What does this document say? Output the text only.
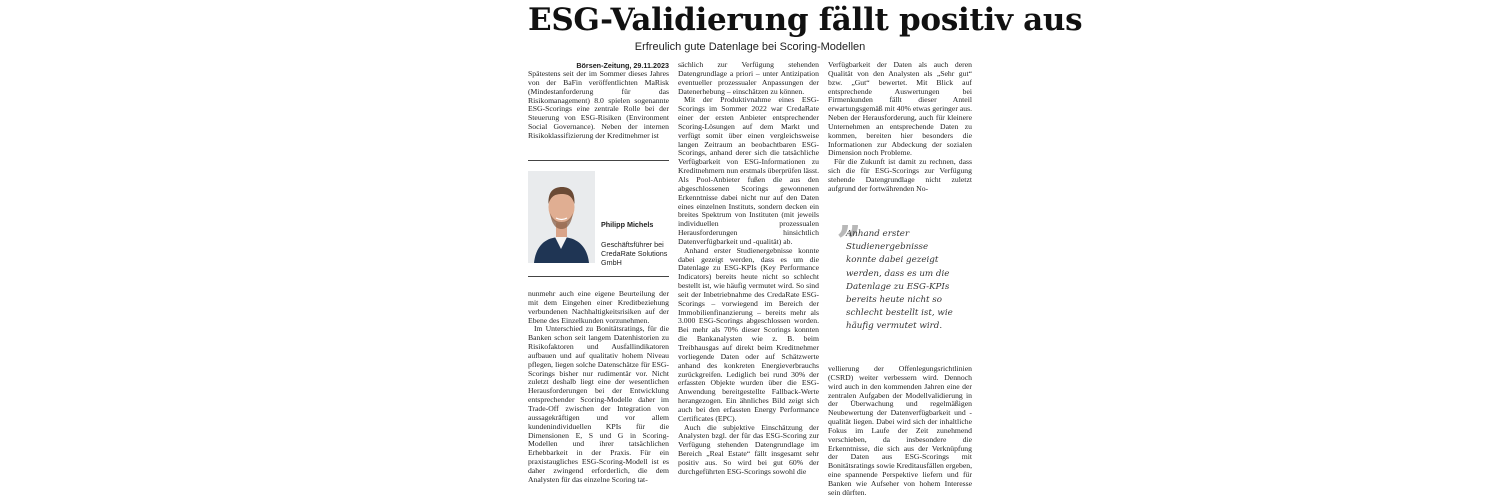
ESG-Validierung fällt positiv aus
Erfreulich gute Datenlage bei Scoring-Modellen
Börsen-Zeitung, 29.11.2023

Spätestens seit der im Sommer dieses Jahres von der BaFin veröffentlichten MaRisk (Mindestanforderung für das Risikomanagement) 8.0 spielen sogenannte ESG-Scorings eine zentrale Rolle bei der Steuerung von ESG-Risiken (Environment Social Governance). Neben der internen Risikoklassifizierung der Kreditnehmer ist

Philipp Michels
Geschäftsführer bei CredaRate Solutions GmbH

nunmehr auch eine eigene Beurteilung der mit dem Eingehen einer Kreditbeziehung verbundenen Nachhaltigkeitsrisiken auf der Ebene des Einzelkunden vorzunehmen.

Im Unterschied zu Bonitätsratings, für die Banken schon seit langem Datenhistorien zu Risikofaktoren und Ausfallindikatoren aufbauen und auf qualitativ hohem Niveau pflegen, liegen solche Datenschätze für ESG-Scorings bisher nur rudimentär vor. Nicht zuletzt deshalb liegt eine der wesentlichen Herausforderungen bei der Entwicklung entsprechender Scoring-Modelle daher im Trade-Off zwischen der Integration von aussagekräftigen und vor allem kundenindividuellen KPIs für die Dimensionen E, S und G in Scoring-Modellen und ihrer tatsächlichen Erhebbarkeit in der Praxis. Für ein praxistaugliches ESG-Scoring-Modell ist es daher zwingend erforderlich, die dem Analysten für das einzelne Scoring tat-

sächlich zur Verfügung stehenden Datengrundlage a priori – unter Antizipation eventueller prozessualer Anpassungen der Datenerhebung – einschätzen zu können.

Mit der Produktivnahme eines ESG-Scorings im Sommer 2022 war CredaRate einer der ersten Anbieter entsprechender Scoring-Lösungen auf dem Markt und verfügt somit über einen vergleichsweise langen Zeitraum an beobachtbaren ESG-Scorings, anhand derer sich die tatsächliche Verfügbarkeit von ESG-Informationen zu Kreditnehmern nun erstmals überprüfen lässt. Als Pool-Anbieter fußen die aus den abgeschlossenen Scorings gewonnenen Erkenntnisse dabei nicht nur auf den Daten eines einzelnen Instituts, sondern decken ein breites Spektrum von Instituten (mit jeweils individuellen prozessualen Herausforderungen hinsichtlich Datenverfügbarkeit und -qualität) ab.

Anhand erster Studienergebnisse konnte dabei gezeigt werden, dass es um die Datenlage zu ESG-KPIs (Key Performance Indicators) bereits heute nicht so schlecht bestellt ist, wie häufig vermutet wird. So sind seit der Inbetriebnahme des CredaRate ESG-Scorings – vorwiegend im Bereich der Immobilienfinanzierung – bereits mehr als 3.000 ESG-Scorings abgeschlossen worden. Bei mehr als 70% dieser Scorings konnten die Bankanalysten wie z. B. beim Treibhausgas auf direkt beim Kreditnehmer vorliegende Daten oder auf Schätzwerte anhand des konkreten Energieverbrauchs zurückgreifen. Lediglich bei rund 30% der erfassten Objekte wurden über die ESG-Anwendung bereitgestellte Fallback-Werte herangezogen. Ein ähnliches Bild zeigt sich auch bei den erfassten Energy Performance Certificates (EPC).

Auch die subjektive Einschätzung der Analysten bzgl. der für das ESG-Scoring zur Verfügung stehenden Datengrundlage im Bereich „Real Estate“ fällt insgesamt sehr positiv aus. So wird bei gut 60% der durchgeführten ESG-Scorings sowohl die

Verfügbarkeit der Daten als auch deren Qualität von den Analysten als „Sehr gut“ bzw. „Gut“ bewertet. Mit Blick auf entsprechende Auswertungen bei Firmenkunden fällt dieser Anteil erwartungsgemäß mit 40% etwas geringer aus. Neben der Herausforderung, auch für kleinere Unternehmen an entsprechende Daten zu kommen, bereiten hier besonders die Informationen zur Abdeckung der sozialen Dimension noch Probleme.

Für die Zukunft ist damit zu rechnen, dass sich die für ESG-Scorings zur Verfügung stehende Datengrundlage nicht zuletzt aufgrund der fortwährenden No-

„
Anhand erster Studienergebnisse konnte dabei gezeigt werden, dass es um die Datenlage zu ESG-KPIs bereits heute nicht so schlecht bestellt ist, wie häufig vermutet wird.

vellierung der Offenlegungsrichtlinien (CSRD) weiter verbessern wird. Dennoch wird auch in den kommenden Jahren eine der zentralen Aufgaben der Modellvalidierung in der Überwachung und regelmäßigen Neubewertung der Datenverfügbarkeit und -qualität liegen. Dabei wird sich der inhaltliche Fokus im Laufe der Zeit zunehmend verschieben, da insbesondere die Erkenntnisse, die sich aus der Verknüpfung der Daten aus ESG-Scorings mit Bonitätsratings sowie Kreditausfällen ergeben, eine spannende Perspektive liefern und für Banken wie Aufseher von hohem Interesse sein dürften.
